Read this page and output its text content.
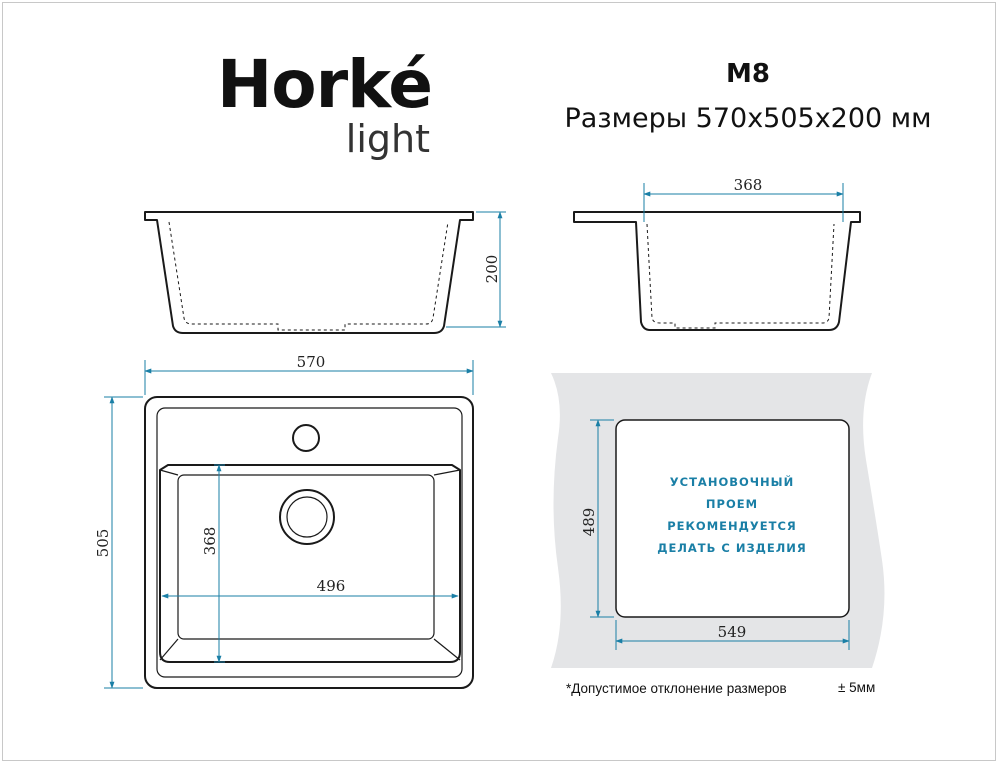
Horké
light
M8
Размеры 570x505x200 мм
200
368
570
505	368
496
УСТАНОВОЧНЫЙ
ПРОЕМ
РЕКОМЕНДУЕТСЯ
ДЕЛАТЬ С ИЗДЕЛИЯ
489
549
*Допустимое отклонение размеров	± 5мм
